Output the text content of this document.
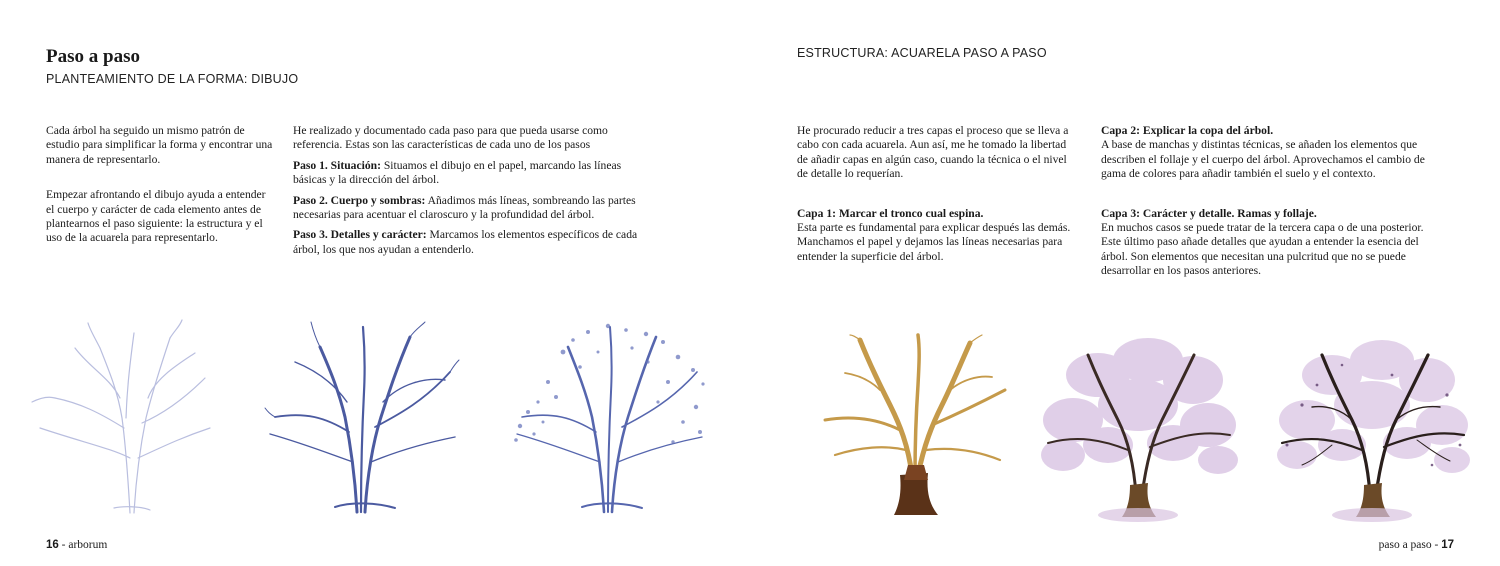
Paso a paso
PLANTEAMIENTO DE LA FORMA: DIBUJO

Cada árbol ha seguido un mismo patrón de estudio para simplificar la forma y encontrar una manera de representarlo.

Empezar afrontando el dibujo ayuda a entender el cuerpo y carácter de cada elemento antes de plantearnos el paso siguiente: la estructura y el uso de la acuarela para representarlo.

He realizado y documentado cada paso para que pueda usarse como referencia. Estas son las características de cada uno de los pasos

Paso 1. Situación: Situamos el dibujo en el papel, marcando las líneas básicas y la dirección del árbol.

Paso 2. Cuerpo y sombras: Añadimos más líneas, sombreando las partes necesarias para acentuar el claroscuro y la profundidad del árbol.

Paso 3. Detalles y carácter: Marcamos los elementos específicos de cada árbol, los que nos ayudan a entenderlo.

16 - arborum
ESTRUCTURA: ACUARELA PASO A PASO

He procurado reducir a tres capas el proceso que se lleva a cabo con cada acuarela. Aun así, me he tomado la libertad de añadir capas en algún caso, cuando la técnica o el nivel de detalle lo requerían.

Capa 1: Marcar el tronco cual espina.
Esta parte es fundamental para explicar después las demás. Manchamos el papel y dejamos las líneas necesarias para entender la superficie del árbol.

Capa 2: Explicar la copa del árbol.
A base de manchas y distintas técnicas, se añaden los elementos que describen el follaje y el cuerpo del árbol. Aprovechamos el cambio de gama de colores para añadir también el suelo y el contexto.

Capa 3: Carácter y detalle. Ramas y follaje.
En muchos casos se puede tratar de la tercera capa o de una posterior. Este último paso añade detalles que ayudan a entender la esencia del árbol. Son elementos que necesitan una pulcritud que no se puede desarrollar en los pasos anteriores.

paso a paso - 17
